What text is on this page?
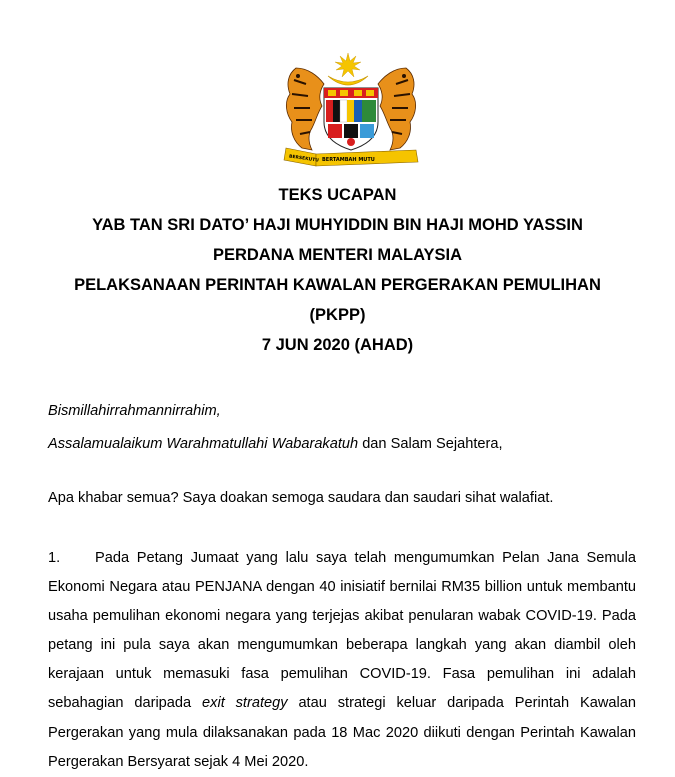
BERSEKUTU BERTAMBAH MUTU
TEKS UCAPAN
YAB TAN SRI DATO’ HAJI MUHYIDDIN BIN HAJI MOHD YASSIN
PERDANA MENTERI MALAYSIA
PELAKSANAAN PERINTAH KAWALAN PERGERAKAN PEMULIHAN
(PKPP)
7 JUN 2020 (AHAD)
Bismillahirrahmannirrahim,
Assalamualaikum Warahmatullahi Wabarakatuh dan Salam Sejahtera,
Apa khabar semua? Saya doakan semoga saudara dan saudari sihat walafiat.
1. Pada Petang Jumaat yang lalu saya telah mengumumkan Pelan Jana Semula Ekonomi Negara atau PENJANA dengan 40 inisiatif bernilai RM35 billion untuk membantu usaha pemulihan ekonomi negara yang terjejas akibat penularan wabak COVID-19. Pada petang ini pula saya akan mengumumkan beberapa langkah yang akan diambil oleh kerajaan untuk memasuki fasa pemulihan COVID-19. Fasa pemulihan ini adalah sebahagian daripada exit strategy atau strategi keluar daripada Perintah Kawalan Pergerakan yang mula dilaksanakan pada 18 Mac 2020 diikuti dengan Perintah Kawalan Pergerakan Bersyarat sejak 4 Mei 2020.
